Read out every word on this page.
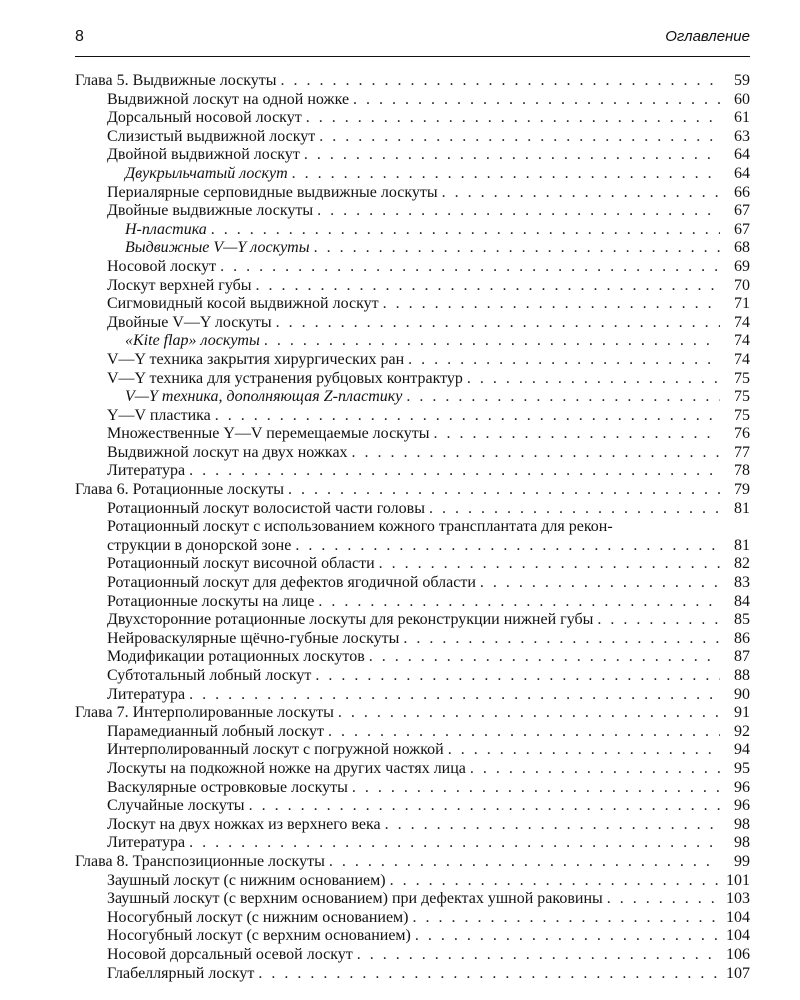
8	Оглавление
Глава 5. Выдвижные лоскуты . . .	59
Выдвижной лоскут на одной ножке . . .	60
Дорсальный носовой лоскут . . .	61
Слизистый выдвижной лоскут . . .	63
Двойной выдвижной лоскут . . .	64
Двукрыльчатый лоскут . . .	64
Периалярные серповидные выдвижные лоскуты . . .	66
Двойные выдвижные лоскуты . . .	67
H-пластика . . .	67
Выдвижные V—Y лоскуты . . .	68
Носовой лоскут . . .	69
Лоскут верхней губы . . .	70
Сигмовидный косой выдвижной лоскут . . .	71
Двойные V—Y лоскуты . . .	74
«Kite flap» лоскуты . . .	74
V—Y техника закрытия хирургических ран . . .	74
V—Y техника для устранения рубцовых контрактур . . .	75
V—Y техника, дополняющая Z-пластику . . .	75
Y—V пластика . . .	75
Множественные Y—V перемещаемые лоскуты . . .	76
Выдвижной лоскут на двух ножках . . .	77
Литература . . .	78
Глава 6. Ротационные лоскуты . . .	79
Ротационный лоскут волосистой части головы . . .	81
Ротационный лоскут с использованием кожного трансплантата для рекон-
струкции в донорской зоне . . .	81
Ротационный лоскут височной области . . .	82
Ротационный лоскут для дефектов ягодичной области . . .	83
Ротационные лоскуты на лице . . .	84
Двухсторонние ротационные лоскуты для реконструкции нижней губы . . .	85
Нейроваскулярные щёчно-губные лоскуты . . .	86
Модификации ротационных лоскутов . . .	87
Субтотальный лобный лоскут . . .	88
Литература . . .	90
Глава 7. Интерполированные лоскуты . . .	91
Парамедианный лобный лоскут . . .	92
Интерполированный лоскут с погружной ножкой . . .	94
Лоскуты на подкожной ножке на других частях лица . . .	95
Васкулярные островковые лоскуты . . .	96
Случайные лоскуты . . .	96
Лоскут на двух ножках из верхнего века . . .	98
Литература . . .	98
Глава 8. Транспозиционные лоскуты . . .	99
Заушный лоскут (с нижним основанием) . . .	101
Заушный лоскут (с верхним основанием) при дефектах ушной раковины . . .	103
Носогубный лоскут (с нижним основанием) . . .	104
Носогубный лоскут (с верхним основанием) . . .	104
Носовой дорсальный осевой лоскут . . .	106
Глабеллярный лоскут . . .	107
